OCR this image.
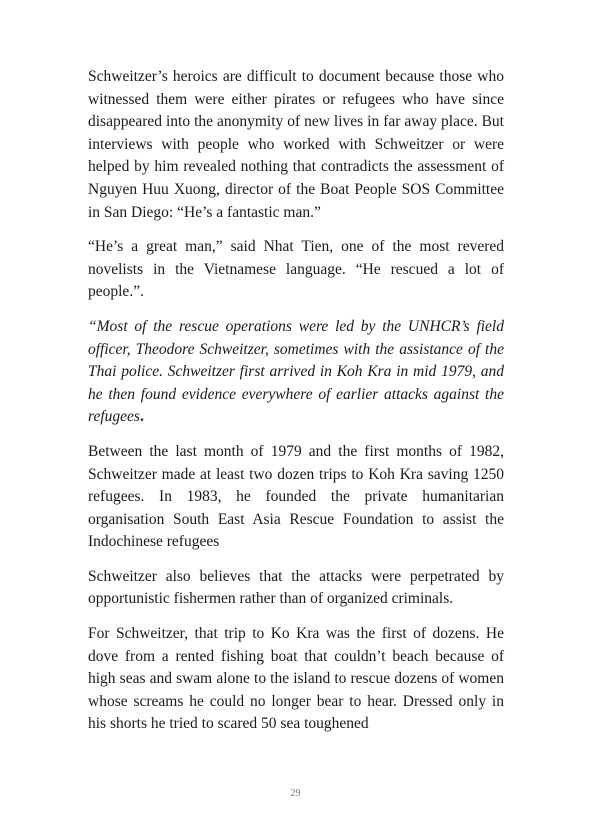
Schweitzer’s heroics are difficult to document because those who witnessed them were either pirates or refugees who have since disappeared into the anonymity of new lives in far away place. But interviews with people who worked with Schweitzer or were helped by him revealed nothing that contradicts the assessment of Nguyen Huu Xuong, director of the Boat People SOS Committee in San Diego: “He’s a fantastic man.”

“He’s a great man,” said Nhat Tien, one of the most revered novelists in the Vietnamese language. “He rescued a lot of people.”.

“Most of the rescue operations were led by the UNHCR’s field officer, Theodore Schweitzer, sometimes with the assistance of the Thai police. Schweitzer first arrived in Koh Kra in mid 1979, and he then found evidence everywhere of earlier attacks against the refugees.

Between the last month of 1979 and the first months of 1982, Schweitzer made at least two dozen trips to Koh Kra saving 1250 refugees. In 1983, he founded the private humanitarian organisation South East Asia Rescue Foundation to assist the Indochinese refugees

Schweitzer also believes that the attacks were perpetrated by opportunistic fishermen rather than of organized criminals.

For Schweitzer, that trip to Ko Kra was the first of dozens. He dove from a rented fishing boat that couldn’t beach because of high seas and swam alone to the island to rescue dozens of women whose screams he could no longer bear to hear. Dressed only in his shorts he tried to scared 50 sea toughened

29
